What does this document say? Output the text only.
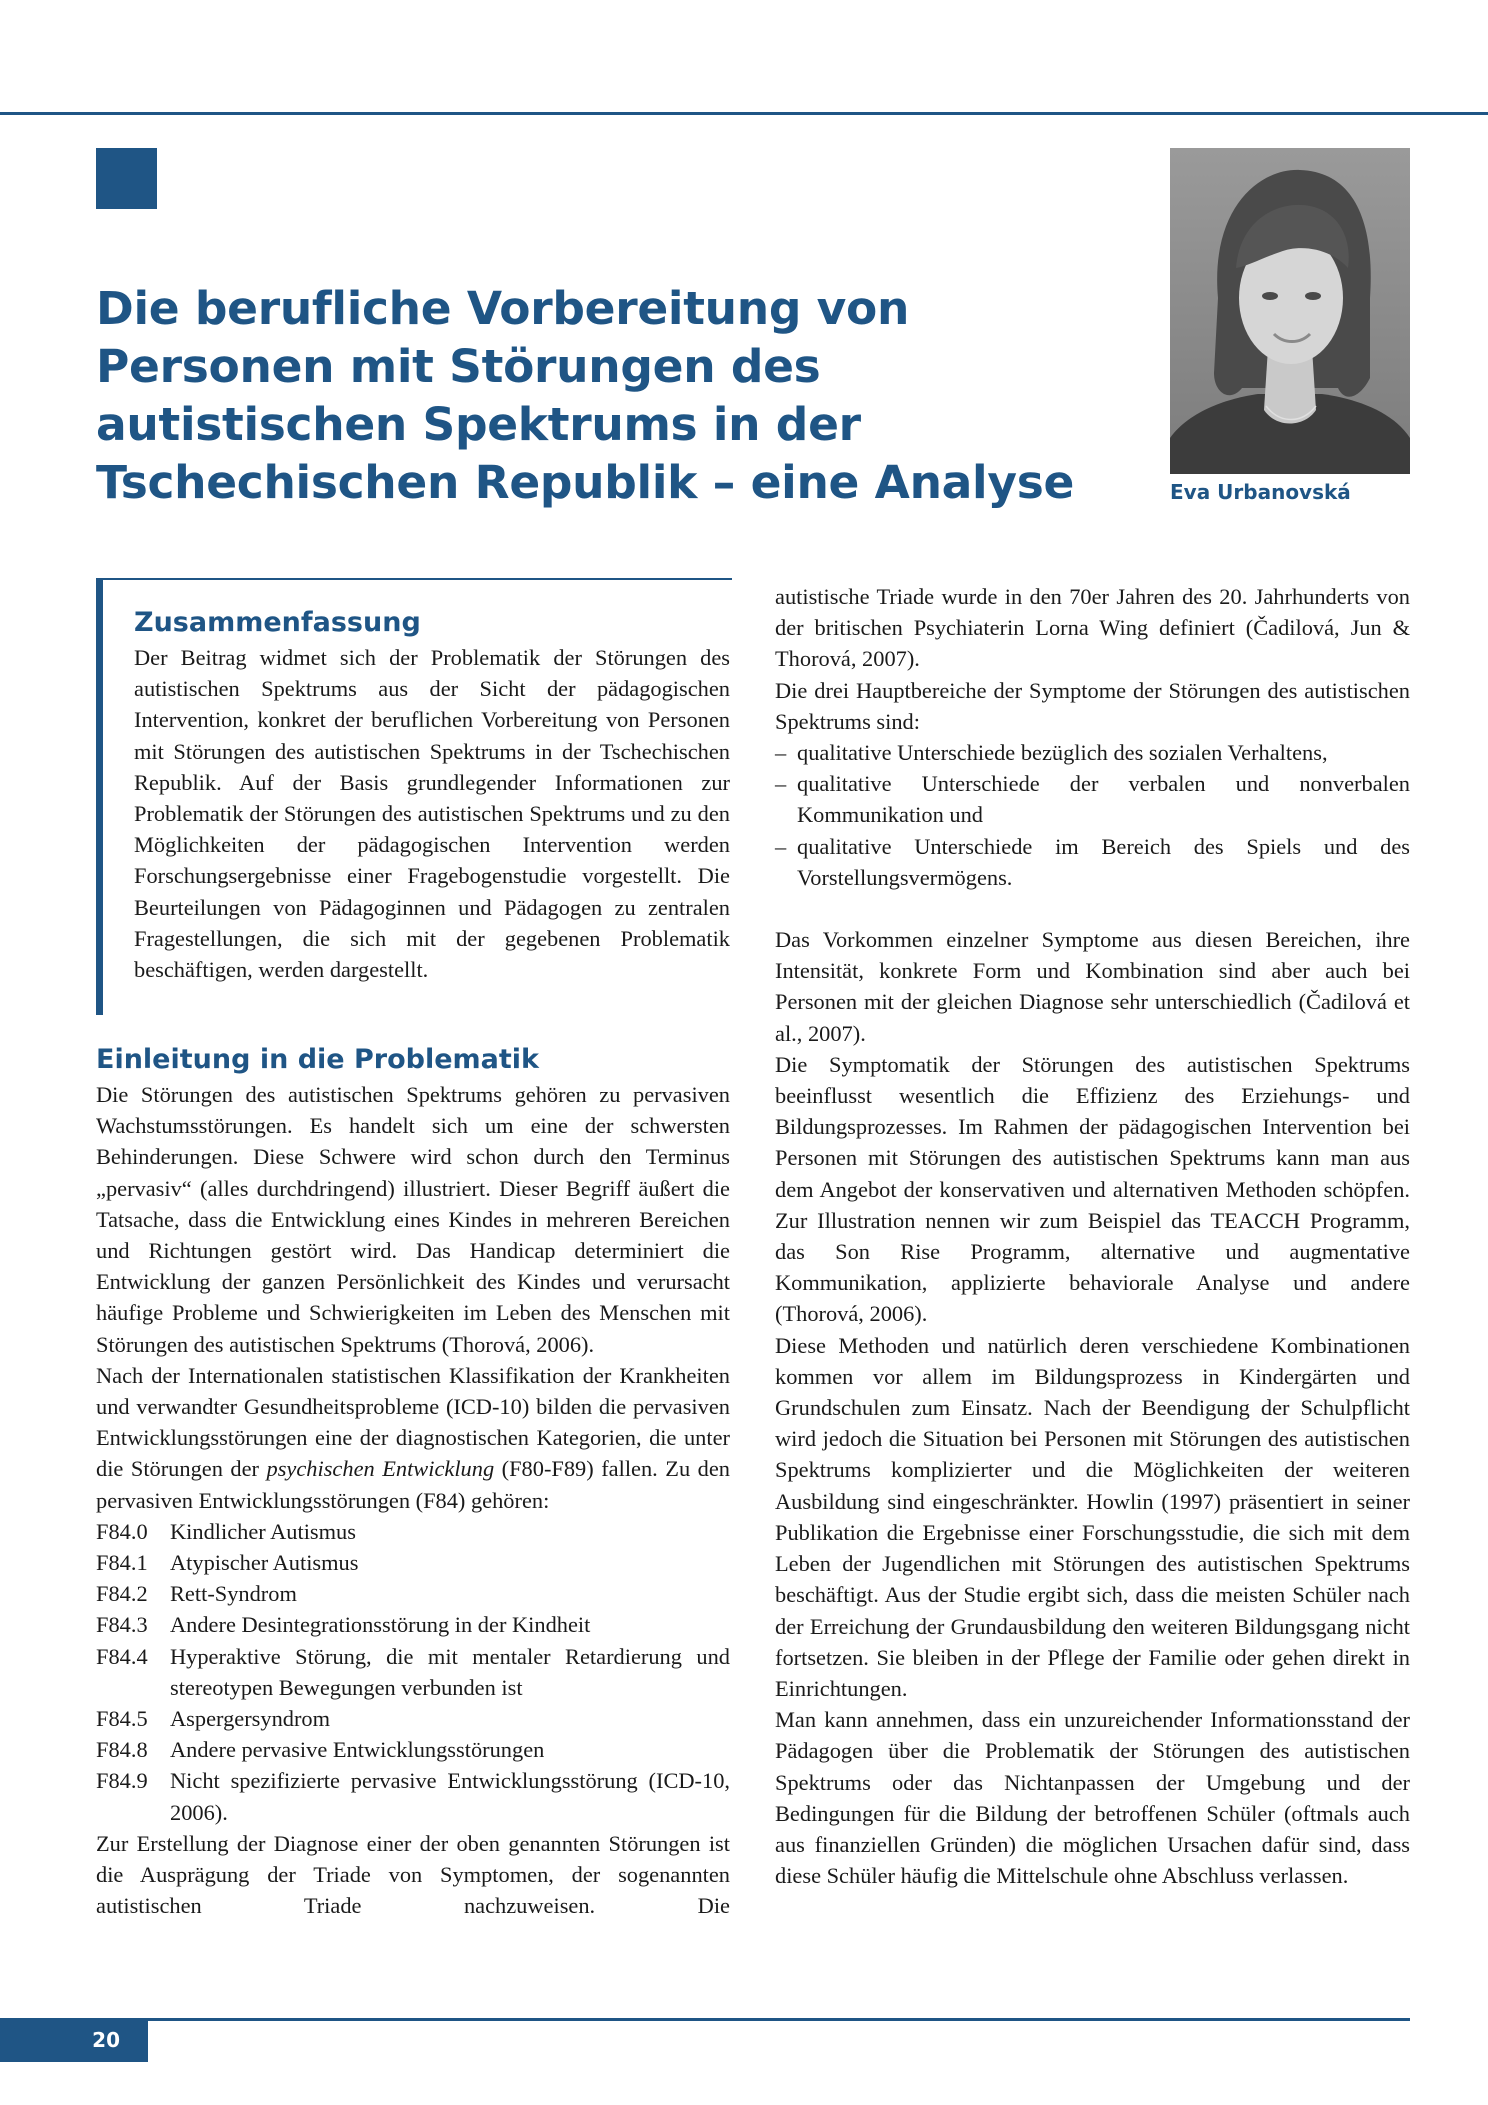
Die berufliche Vorbereitung von
Personen mit Störungen des
autistischen Spektrums in der
Tschechischen Republik – eine Analyse	Eva Urbanovská

Zusammenfassung

Der Beitrag widmet sich der Problematik der Störungen des autistischen Spektrums aus der Sicht der pädagogischen Intervention, konkret der beruflichen Vorbereitung von Personen mit Störungen des autistischen Spektrums in der Tschechischen Republik. Auf der Basis grundlegender Informationen zur Problematik der Störungen des autistischen Spektrums und zu den Möglichkeiten der pädagogischen Intervention werden Forschungsergebnisse einer Fragebogenstudie vorgestellt. Die Beurteilungen von Pädagoginnen und Pädagogen zu zentralen Fragestellungen, die sich mit der gegebenen Problematik beschäftigen, werden dargestellt.

Einleitung in die Problematik

Die Störungen des autistischen Spektrums gehören zu pervasiven Wachstumsstörungen. Es handelt sich um eine der schwersten Behinderungen. Diese Schwere wird schon durch den Terminus „pervasiv“ (alles durchdringend) illustriert. Dieser Begriff äußert die Tatsache, dass die Entwicklung eines Kindes in mehreren Bereichen und Richtungen gestört wird. Das Handicap determiniert die Entwicklung der ganzen Persönlichkeit des Kindes und verursacht häufige Probleme und Schwierigkeiten im Leben des Menschen mit Störungen des autistischen Spektrums (Thorová, 2006).

Nach der Internationalen statistischen Klassifikation der Krankheiten und verwandter Gesundheitsprobleme (ICD-10) bilden die pervasiven Entwicklungsstörungen eine der diagnostischen Kategorien, die unter die Störungen der psychischen Entwicklung (F80-F89) fallen. Zu den pervasiven Entwicklungsstörungen (F84) gehören:

F84.0 Kindlicher Autismus
F84.1 Atypischer Autismus
F84.2 Rett-Syndrom
F84.3 Andere Desintegrationsstörung in der Kindheit
F84.4 Hyperaktive Störung, die mit mentaler Retardierung und stereotypen Bewegungen verbunden ist
F84.5 Aspergersyndrom
F84.8 Andere pervasive Entwicklungsstörungen
F84.9 Nicht spezifizierte pervasive Entwicklungsstörung (ICD-10, 2006).

Zur Erstellung der Diagnose einer der oben genannten Störungen ist die Ausprägung der Triade von Symptomen, der sogenannten autistischen Triade nachzuweisen. Die

autistische Triade wurde in den 70er Jahren des 20. Jahrhunderts von der britischen Psychiaterin Lorna Wing definiert (Čadilová, Jun & Thorová, 2007).

Die drei Hauptbereiche der Symptome der Störungen des autistischen Spektrums sind:

– qualitative Unterschiede bezüglich des sozialen Verhaltens,
– qualitative Unterschiede der verbalen und nonverbalen Kommunikation und
– qualitative Unterschiede im Bereich des Spiels und des Vorstellungsvermögens.

Das Vorkommen einzelner Symptome aus diesen Bereichen, ihre Intensität, konkrete Form und Kombination sind aber auch bei Personen mit der gleichen Diagnose sehr unterschiedlich (Čadilová et al., 2007).

Die Symptomatik der Störungen des autistischen Spektrums beeinflusst wesentlich die Effizienz des Erziehungs- und Bildungsprozesses. Im Rahmen der pädagogischen Intervention bei Personen mit Störungen des autistischen Spektrums kann man aus dem Angebot der konservativen und alternativen Methoden schöpfen. Zur Illustration nennen wir zum Beispiel das TEACCH Programm, das Son Rise Programm, alternative und augmentative Kommunikation, applizierte behaviorale Analyse und andere (Thorová, 2006).

Diese Methoden und natürlich deren verschiedene Kombinationen kommen vor allem im Bildungsprozess in Kindergärten und Grundschulen zum Einsatz. Nach der Beendigung der Schulpflicht wird jedoch die Situation bei Personen mit Störungen des autistischen Spektrums komplizierter und die Möglichkeiten der weiteren Ausbildung sind eingeschränkter. Howlin (1997) präsentiert in seiner Publikation die Ergebnisse einer Forschungsstudie, die sich mit dem Leben der Jugendlichen mit Störungen des autistischen Spektrums beschäftigt. Aus der Studie ergibt sich, dass die meisten Schüler nach der Erreichung der Grundausbildung den weiteren Bildungsgang nicht fortsetzen. Sie bleiben in der Pflege der Familie oder gehen direkt in Einrichtungen.

Man kann annehmen, dass ein unzureichender Informationsstand der Pädagogen über die Problematik der Störungen des autistischen Spektrums oder das Nichtanpassen der Umgebung und der Bedingungen für die Bildung der betroffenen Schüler (oftmals auch aus finanziellen Gründen) die möglichen Ursachen dafür sind, dass diese Schüler häufig die Mittelschule ohne Abschluss verlassen.

20
